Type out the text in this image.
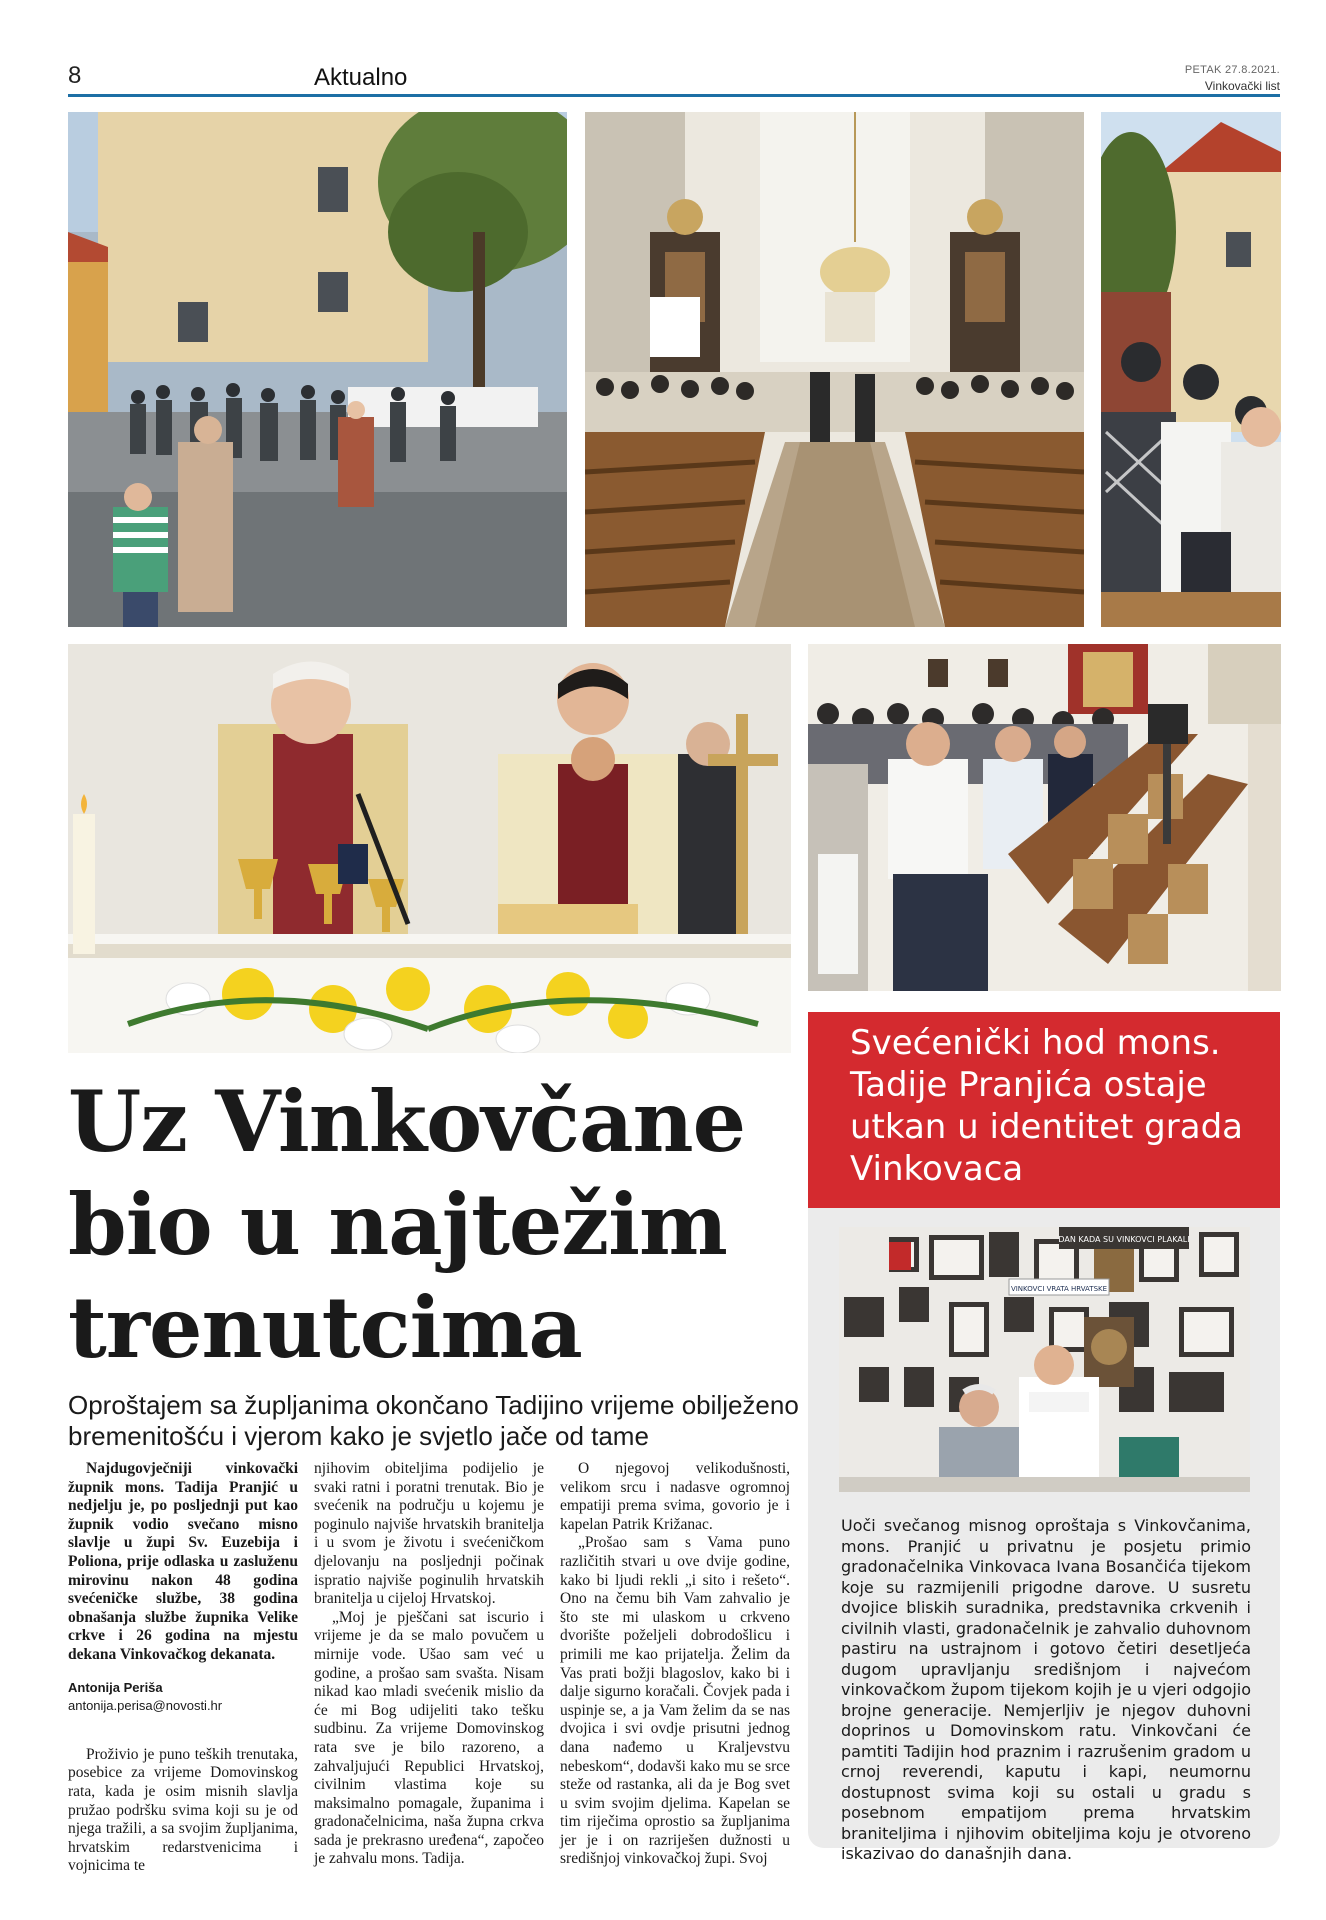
8	Aktualno	PETAK 27.8.2021.
Vinkovački list
Uz Vinkovčane bio u najtežim trenutcima
Oproštajem sa župljanima okončano Tadijino vrijeme obilježeno bremenitošću i vjerom kako je svjetlo jače od tame

Najdugovječniji vinkovački župnik mons. Tadija Pranjić u nedjelju je, po posljednji put kao župnik vodio svečano misno slavlje u župi Sv. Euzebija i Poliona, prije odlaska u zasluženu mirovinu nakon 48 godina svećeničke službe, 38 godina obnašanja službe župnika Velike crkve i 26 godina na mjestu dekana Vinkovačkog dekanata.

Antonija Periša

antonija.perisa@novosti.hr

Proživio je puno teških trenutaka, posebice za vrijeme Domovinskog rata, kada je osim misnih slavlja pružao podršku svima koji su je od njega tražili, a sa svojim župljanima, hrvatskim redarstvenicima i vojnicima te

njihovim obiteljima podijelio je svaki ratni i poratni trenutak. Bio je svećenik na području u kojemu je poginulo najviše hrvatskih branitelja i u svom je životu i svećeničkom djelovanju na posljednji počinak ispratio najviše poginulih hrvatskih branitelja u cijeloj Hrvatskoj.

„Moj je pješčani sat iscurio i vrijeme je da se malo povučem u mirnije vode. Ušao sam već u godine, a prošao sam svašta. Nisam nikad kao mladi svećenik mislio da će mi Bog udijeliti tako tešku sudbinu. Za vrijeme Domovinskog rata sve je bilo razoreno, a zahvaljujući Republici Hrvatskoj, civilnim vlastima koje su maksimalno pomagale, županima i gradonačelnicima, naša župna crkva sada je prekrasno uređena“, započeo je zahvalu mons. Tadija.

O njegovoj velikodušnosti, velikom srcu i nadasve ogromnoj empatiji prema svima, govorio je i kapelan Patrik Križanac.

„Prošao sam s Vama puno različitih stvari u ove dvije godine, kako bi ljudi rekli „i sito i rešeto“. Ono na čemu bih Vam zahvalio je što ste mi ulaskom u crkveno dvorište poželjeli dobrodošlicu i primili me kao prijatelja. Želim da Vas prati božji blagoslov, kako bi i dalje sigurno koračali. Čovjek pada i uspinje se, a ja Vam želim da se nas dvojica i svi ovdje prisutni jednog dana nađemo u Kraljevstvu nebeskom“, dodavši kako mu se srce steže od rastanka, ali da je Bog svet u svim svojim djelima. Kapelan se tim riječima oprostio sa župljanima jer je i on razriješen dužnosti u središnjoj vinkovačkoj župi. Svoj

Svećenički hod mons. Tadije Pranjića ostaje utkan u identitet grada Vinkovaca
DAN KADA SU VINKOVCI PLAKALI
VINKOVCI VRATA HRVATSKE
Uoči svečanog misnog oproštaja s Vinkovčanima, mons. Pranjić u privatnu je posjetu primio gradonačelnika Vinkovaca Ivana Bosančića tijekom koje su razmijenili prigodne darove. U susretu dvojice bliskih suradnika, predstavnika crkvenih i civilnih vlasti, gradonačelnik je zahvalio duhovnom pastiru na ustrajnom i gotovo četiri desetljeća dugom upravljanju središnjom i najvećom vinkovačkom župom tijekom kojih je u vjeri odgojio brojne generacije. Nemjerljiv je njegov duhovni doprinos u Domovinskom ratu. Vinkovčani će pamtiti Tadijin hod praznim i razrušenim gradom u crnoj reverendi, kaputu i kapi, neumornu dostupnost svima koji su ostali u gradu s posebnom empatijom prema hrvatskim braniteljima i njihovim obiteljima koju je otvoreno iskazivao do današnjih dana.
